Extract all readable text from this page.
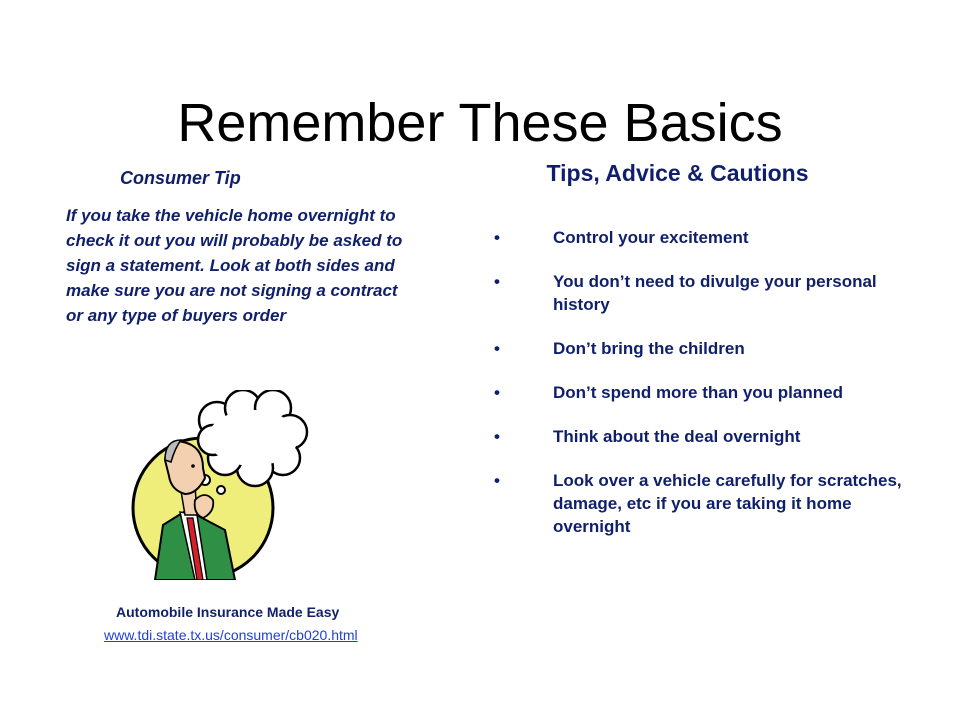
Remember These Basics
Consumer Tip
If you take the vehicle home overnight to check it out you will probably be asked to sign a statement. Look at both sides and make sure you are not signing a contract or any type of buyers order
Automobile Insurance Made Easy
www.tdi.state.tx.us/consumer/cb020.html
Tips, Advice & Cautions
•	Control your excitement
•	You don’t need to divulge your personal history
•	Don’t bring the children
•	Don’t spend more than you planned
•	Think about the deal overnight
•	Look over a vehicle carefully for scratches, damage, etc if you are taking it home overnight
